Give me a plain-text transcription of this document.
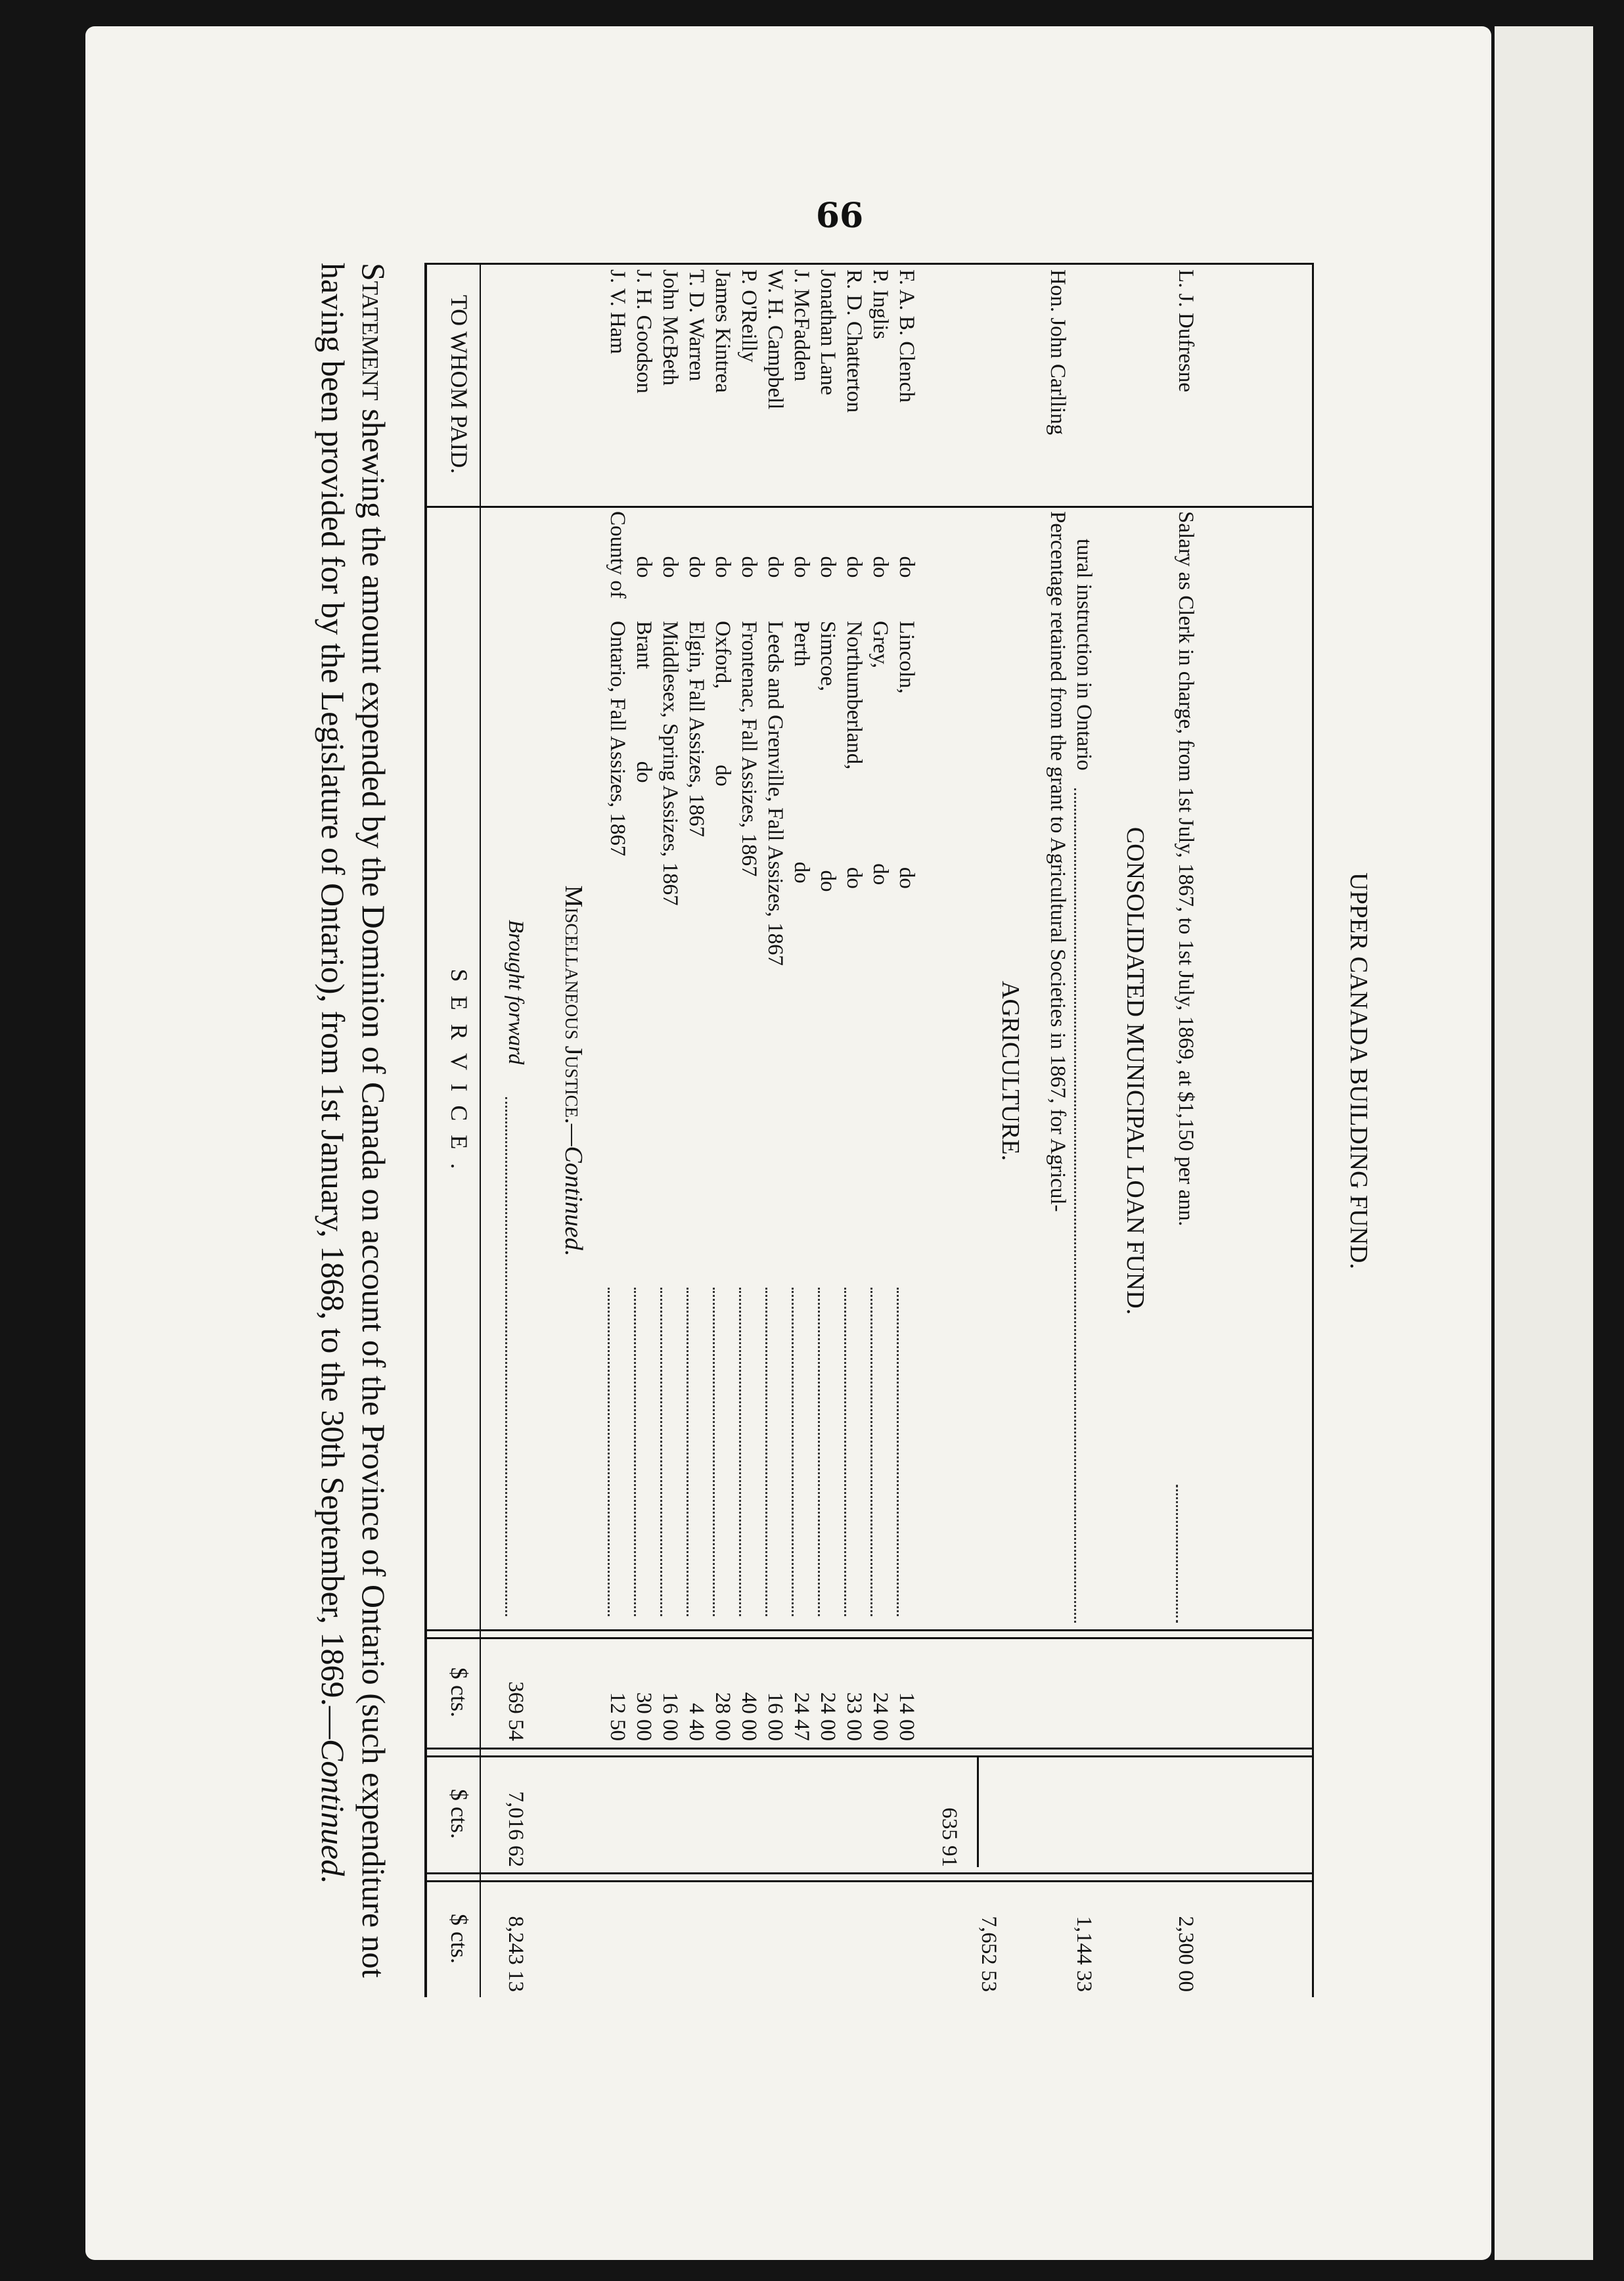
66
Statement shewing the amount expended by the Dominion of Canada on account of the Province of Ontario (such expenditure not having been provided for by the Legislature of Ontario), from 1st January, 1868, to the 30th September, 1869.—Continued.
TO WHOM PAID.
S E R V I C E .
$ cts.
$ cts.
$ cts.
Brought forward
369 54
7,016 62
8,243 13
Miscellaneous Justice.—Continued.
J. V. Ham
County of
Ontario, Fall Assizes, 1867
12 50
J. H. Goodson
do
Brant                 do
30 00
John McBeth
do
Middlesex, Spring Assizes, 1867
16 00
T. D. Warren
do
Elgin, Fall Assizes, 1867
4 40
James Kintrea
do
Oxford,              do
28 00
P. O'Reilly
do
Frontenac, Fall Assizes, 1867
40 00
W. H. Campbell
do
Leeds and Grenville, Fall Assizes, 1867
16 00
J. McFadden
do
Perth                                    do
24 47
Jonathan Lane
do
Simcoe,                                 do
24 00
R. D. Chatterton
do
Northumberland,                  do
33 00
P. Inglis
do
Grey,                                    do
24 00
F. A. B. Clench
do
Lincoln,                                do
14 00
635 91
7,652 53
AGRICULTURE.
Hon. John Carlling
Percentage retained from the grant to Agricultural Societies in 1867, for Agricul- tural instruction in Ontario
1,144 33
CONSOLIDATED MUNICIPAL LOAN FUND.
L. J. Dufresne
Salary as Clerk in charge, from 1st July, 1867, to 1st July, 1869, at $1,150 per ann.
2,300 00
UPPER CANADA BUILDING FUND.
